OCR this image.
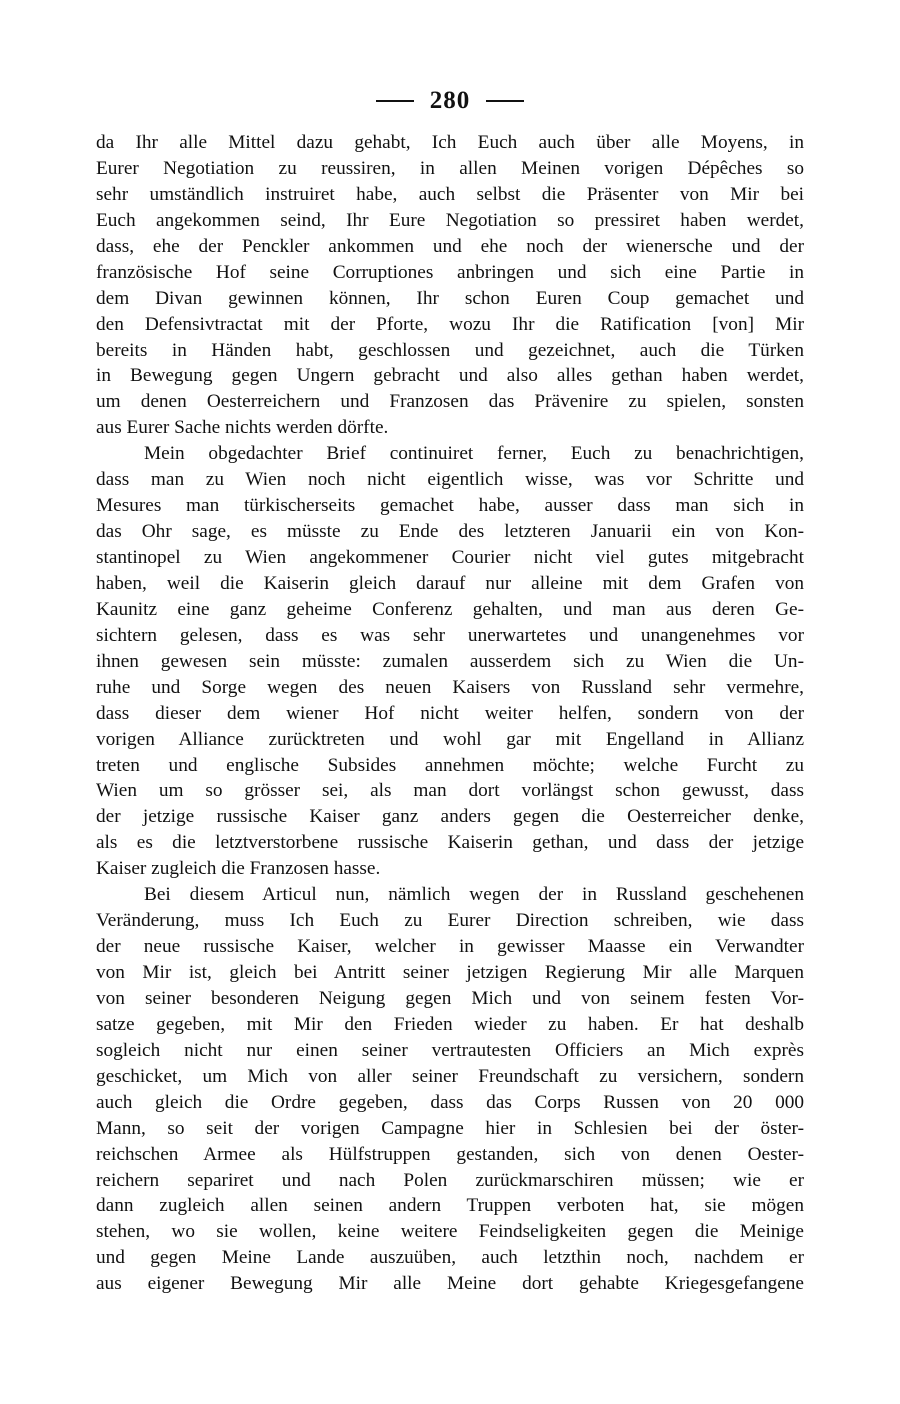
280
da Ihr alle Mittel dazu gehabt, Ich Euch auch über alle Moyens, in
Eurer Negotiation zu reussiren, in allen Meinen vorigen Dépêches so
sehr umständlich instruiret habe, auch selbst die Präsenter von Mir bei
Euch angekommen seind, Ihr Eure Negotiation so pressiret haben werdet,
dass, ehe der Penckler ankommen und ehe noch der wienersche und der
französische Hof seine Corruptiones anbringen und sich eine Partie in
dem Divan gewinnen können, Ihr schon Euren Coup gemachet und
den Defensivtractat mit der Pforte, wozu Ihr die Ratification [von] Mir
bereits in Händen habt, geschlossen und gezeichnet, auch die Türken
in Bewegung gegen Ungern gebracht und also alles gethan haben werdet,
um denen Oesterreichern und Franzosen das Prävenire zu spielen, sonsten
aus Eurer Sache nichts werden dörfte.
Mein obgedachter Brief continuiret ferner, Euch zu benachrichtigen,
dass man zu Wien noch nicht eigentlich wisse, was vor Schritte und
Mesures man türkischerseits gemachet habe, ausser dass man sich in
das Ohr sage, es müsste zu Ende des letzteren Januarii ein von Kon-
stantinopel zu Wien angekommener Courier nicht viel gutes mitgebracht
haben, weil die Kaiserin gleich darauf nur alleine mit dem Grafen von
Kaunitz eine ganz geheime Conferenz gehalten, und man aus deren Ge-
sichtern gelesen, dass es was sehr unerwartetes und unangenehmes vor
ihnen gewesen sein müsste: zumalen ausserdem sich zu Wien die Un-
ruhe und Sorge wegen des neuen Kaisers von Russland sehr vermehre,
dass dieser dem wiener Hof nicht weiter helfen, sondern von der
vorigen Alliance zurücktreten und wohl gar mit Engelland in Allianz
treten und englische Subsides annehmen möchte; welche Furcht zu
Wien um so grösser sei, als man dort vorlängst schon gewusst, dass
der jetzige russische Kaiser ganz anders gegen die Oesterreicher denke,
als es die letztverstorbene russische Kaiserin gethan, und dass der jetzige
Kaiser zugleich die Franzosen hasse.
Bei diesem Articul nun, nämlich wegen der in Russland geschehenen
Veränderung, muss Ich Euch zu Eurer Direction schreiben, wie dass
der neue russische Kaiser, welcher in gewisser Maasse ein Verwandter
von Mir ist, gleich bei Antritt seiner jetzigen Regierung Mir alle Marquen
von seiner besonderen Neigung gegen Mich und von seinem festen Vor-
satze gegeben, mit Mir den Frieden wieder zu haben. Er hat deshalb
sogleich nicht nur einen seiner vertrautesten Officiers an Mich exprès
geschicket, um Mich von aller seiner Freundschaft zu versichern, sondern
auch gleich die Ordre gegeben, dass das Corps Russen von 20 000
Mann, so seit der vorigen Campagne hier in Schlesien bei der öster-
reichschen Armee als Hülfstruppen gestanden, sich von denen Oester-
reichern separiret und nach Polen zurückmarschiren müssen; wie er
dann zugleich allen seinen andern Truppen verboten hat, sie mögen
stehen, wo sie wollen, keine weitere Feindseligkeiten gegen die Meinige
und gegen Meine Lande auszuüben, auch letzthin noch, nachdem er
aus eigener Bewegung Mir alle Meine dort gehabte Kriegesgefangene
